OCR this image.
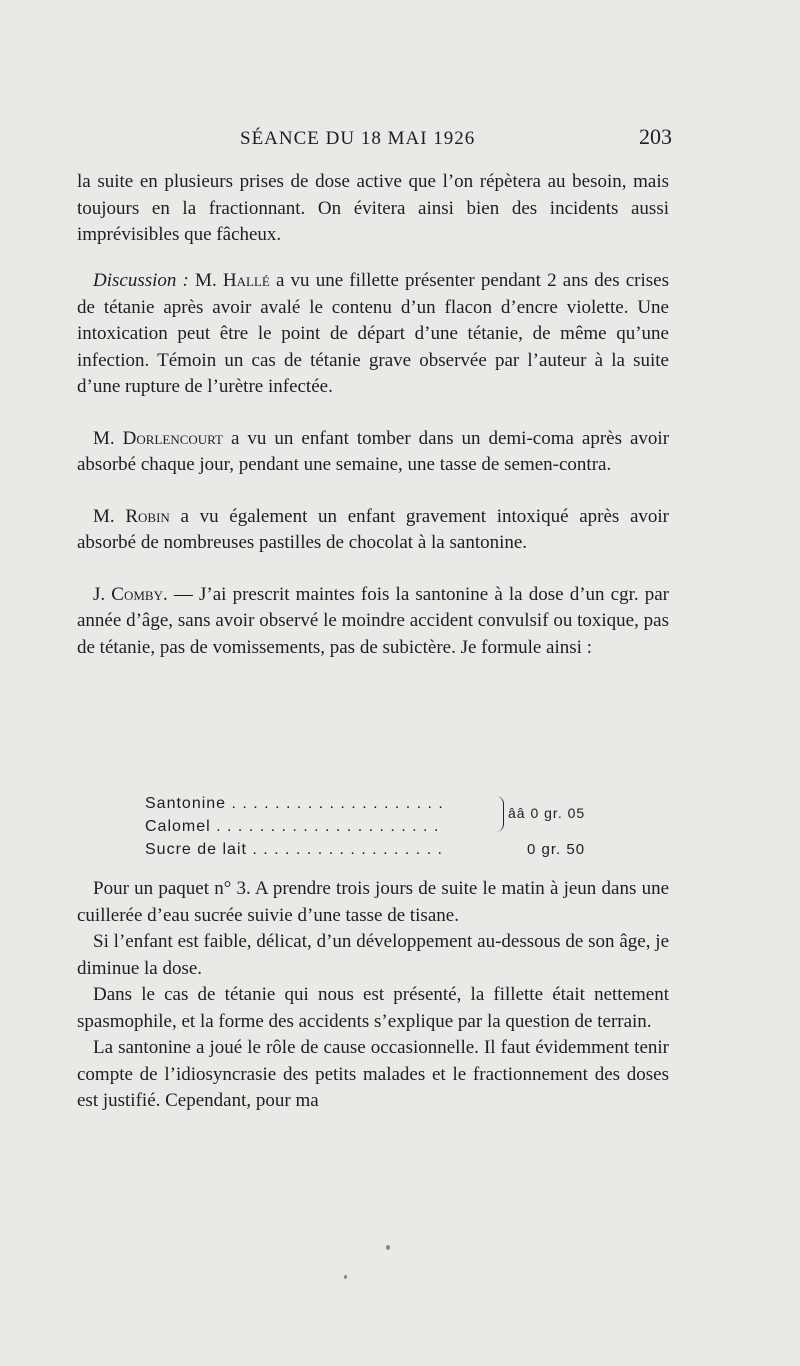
SÉANCE DU 18 MAI 1926	203

la suite en plusieurs prises de dose active que l’on répètera au besoin, mais toujours en la fractionnant. On évitera ainsi bien des incidents aussi imprévisibles que fâcheux.

Discussion : M. Hallé a vu une fillette présenter pendant 2 ans des crises de tétanie après avoir avalé le contenu d’un flacon d’encre violette. Une intoxication peut être le point de départ d’une tétanie, de même qu’une infection. Témoin un cas de tétanie grave observée par l’auteur à la suite d’une rupture de l’urètre infectée.

M. Dorlencourt a vu un enfant tomber dans un demi-coma après avoir absorbé chaque jour, pendant une semaine, une tasse de semen-contra.

M. Robin a vu également un enfant gravement intoxiqué après avoir absorbé de nombreuses pastilles de chocolat à la santonine.

J. Comby. — J’ai prescrit maintes fois la santonine à la dose d’un cgr. par année d’âge, sans avoir observé le moindre accident convulsif ou toxique, pas de tétanie, pas de vomissements, pas de subictère. Je formule ainsi :

Santonine . . . . . . . . . . . . . . . . . . . .
Calomel . . . . . . . . . . . . . . . . . . . . .
Sucre de lait . . . . . . . . . . . . . . . . . .
ââ 0 gr. 05
0 gr. 50

Pour un paquet n° 3. A prendre trois jours de suite le matin à jeun dans une cuillerée d’eau sucrée suivie d’une tasse de tisane.

Si l’enfant est faible, délicat, d’un développement au-dessous de son âge, je diminue la dose.

Dans le cas de tétanie qui nous est présenté, la fillette était nettement spasmophile, et la forme des accidents s’explique par la question de terrain.

La santonine a joué le rôle de cause occasionnelle. Il faut évidemment tenir compte de l’idiosyncrasie des petits malades et le fractionnement des doses est justifié. Cependant, pour ma
